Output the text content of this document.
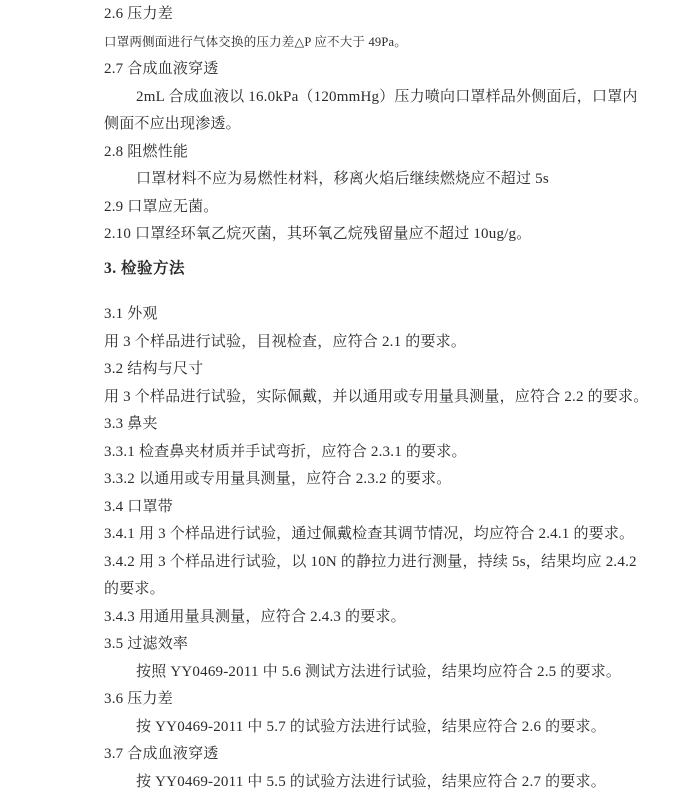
2.6 压力差

口罩两侧面进行气体交换的压力差△P 应不大于 49Pa。

2.7 合成血液穿透

2mL 合成血液以 16.0kPa（120mmHg）压力喷向口罩样品外侧面后，口罩内

侧面不应出现渗透。

2.8 阻燃性能

口罩材料不应为易燃性材料，移离火焰后继续燃烧应不超过 5s

2.9 口罩应无菌。

2.10 口罩经环氧乙烷灭菌，其环氧乙烷残留量应不超过 10ug/g。

3. 检验方法

3.1 外观

用 3 个样品进行试验，目视检查，应符合 2.1 的要求。

3.2 结构与尺寸

用 3 个样品进行试验，实际佩戴，并以通用或专用量具测量，应符合 2.2 的要求。

3.3 鼻夹

3.3.1 检查鼻夹材质并手试弯折，应符合 2.3.1 的要求。

3.3.2 以通用或专用量具测量，应符合 2.3.2 的要求。

3.4 口罩带

3.4.1 用 3 个样品进行试验，通过佩戴检查其调节情况，均应符合 2.4.1 的要求。

3.4.2 用 3 个样品进行试验，以 10N 的静拉力进行测量，持续 5s，结果均应 2.4.2

的要求。

3.4.3 用通用量具测量，应符合 2.4.3 的要求。

3.5 过滤效率

按照 YY0469-2011 中 5.6 测试方法进行试验，结果均应符合 2.5 的要求。

3.6 压力差

按 YY0469-2011 中 5.7 的试验方法进行试验，结果应符合 2.6 的要求。

3.7 合成血液穿透

按 YY0469-2011 中 5.5 的试验方法进行试验，结果应符合 2.7 的要求。
